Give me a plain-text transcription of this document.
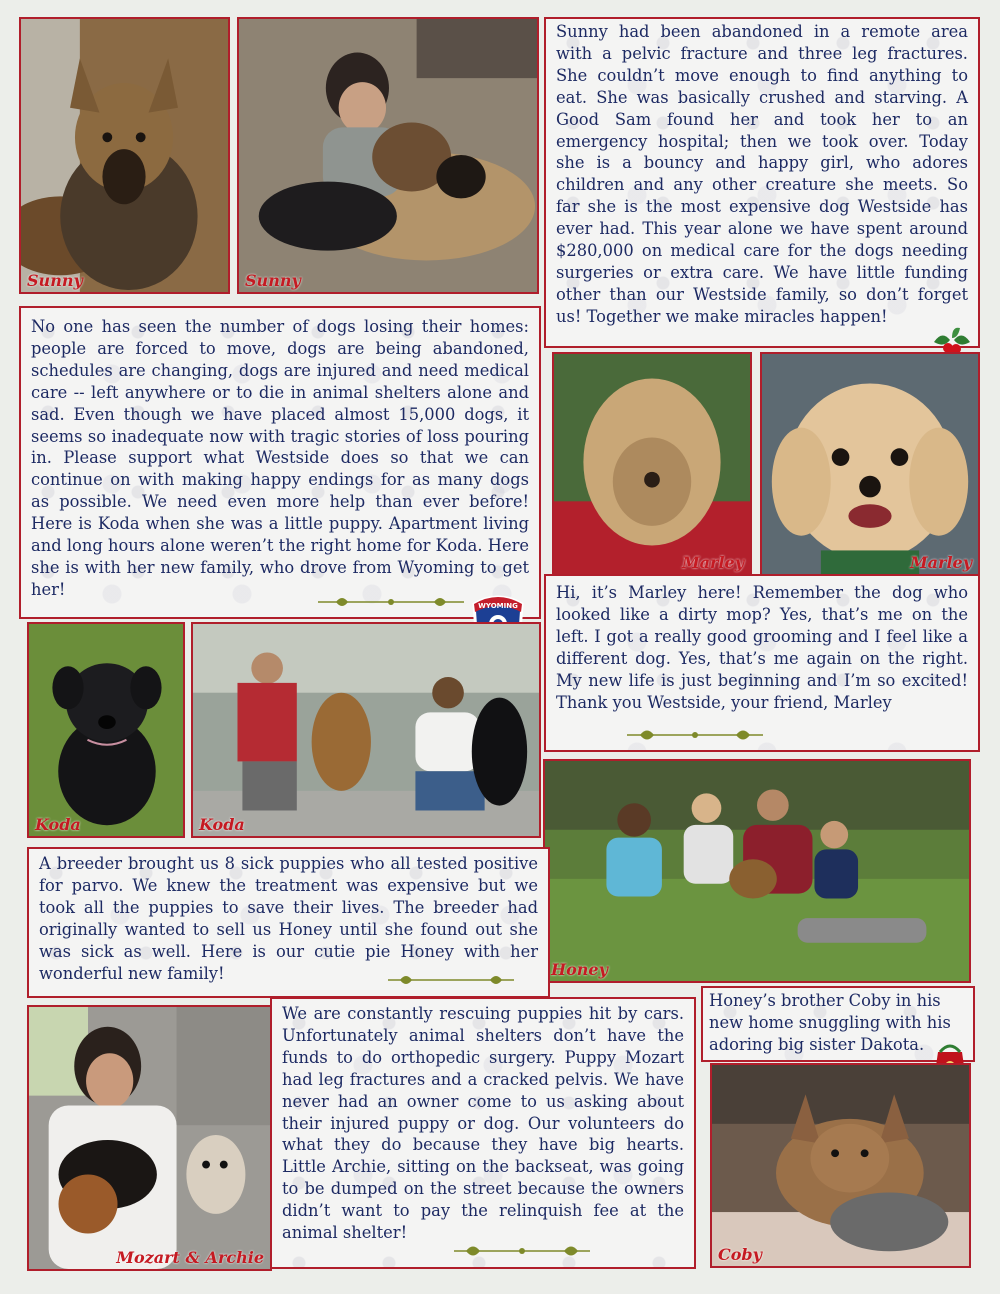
Sunny	Sunny
Sunny had been abandoned in a remote area with a pelvic fracture and three leg fractures. She couldn’t move enough to find anything to eat. She was basically crushed and starving. A Good Sam found her and took her to an emergency hospital; then we took over. Today she is a bouncy and happy girl, who adores children and any other creature she meets. So far she is the most expensive dog Westside has ever had. This year alone we have spent around $280,000 on medical care for the dogs needing surgeries or extra care. We have little funding other than our Westside family, so don’t forget us! Together we make miracles happen!
No one has seen the number of dogs losing their homes: people are forced to move, dogs are being abandoned, schedules are changing, dogs are injured and need medical care -- left anywhere or to die in animal shelters alone and sad. Even though we have placed almost 15,000 dogs, it seems so inadequate now with tragic stories of loss pouring in. Please support what Westside does so that we can continue on with making happy endings for as many dogs as possible. We need even more help than ever before! Here is Koda when she was a little puppy. Apartment living and long hours alone weren’t the right home for Koda. Here she is with her new family, who drove from Wyoming to get her!
WYOMING
Marley	Marley
Hi, it’s Marley here! Remember the dog who looked like a dirty mop? Yes, that’s me on the left. I got a really good grooming and I feel like a different dog. Yes, that’s me again on the right. My new life is just beginning and I’m so excited! Thank you Westside, your friend, Marley
Koda	Koda
Honey
A breeder brought us 8 sick puppies who all tested positive for parvo. We knew the treatment was expensive but we took all the puppies to save their lives. The breeder had originally wanted to sell us Honey until she found out she was sick as well. Here is our cutie pie Honey with her wonderful new family!
Honey’s brother Coby in his new home snuggling with his adoring big sister Dakota.
Mozart & Archie
We are constantly rescuing puppies hit by cars. Unfortunately animal shelters don’t have the funds to do orthopedic surgery. Puppy Mozart had leg fractures and a cracked pelvis. We have never had an owner come to us asking about their injured puppy or dog. Our volunteers do what they do because they have big hearts. Little Archie, sitting on the backseat, was going to be dumped on the street because the owners didn’t want to pay the relinquish fee at the animal shelter!
Coby
